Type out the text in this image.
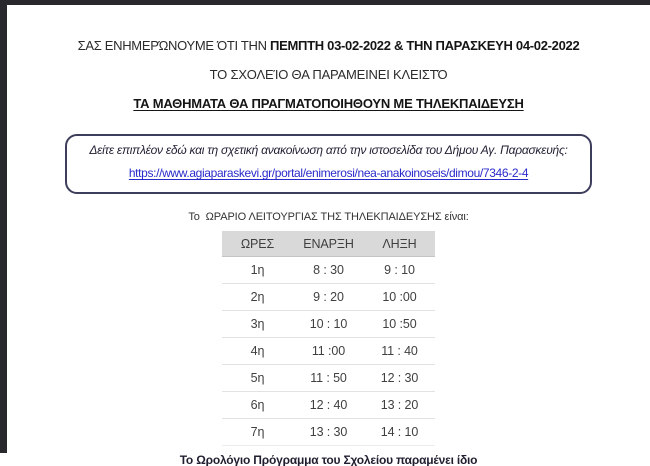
ΣΑΣ ΕΝΗΜΕΡΏΝΟΥΜΕ ΌΤΙ ΤΗΝ ΠΕΜΠΤΗ 03-02-2022 & ΤΗΝ ΠΑΡΑΣΚΕΥΗ 04-02-2022

ΤΟ ΣΧΟΛΕΊΟ ΘΑ ΠΑΡΑΜΕΙΝΕΙ ΚΛΕΙΣΤΌ

ΤΑ ΜΑΘΗΜΑΤΑ ΘΑ ΠΡΑΓΜΑΤΟΠΟΙΗΘΟΥΝ ΜΕ ΤΗΛΕΚΠΑΙΔΕΥΣΗ

Δείτε επιπλέον εδώ και τη σχετική ανακοίνωση από την ιστοσελίδα του Δήμου Αγ. Παρασκευής:

https://www.agiaparaskevi.gr/portal/enimerosi/nea-anakoinoseis/dimou/7346-2-4

Το  ΩΡΑΡΙΟ ΛΕΙΤΟΥΡΓΙΑΣ ΤΗΣ ΤΗΛΕΚΠΑΙΔΕΥΣΗΣ είναι:

ΩΡΕΣ	ΕΝΑΡΞΗ	ΛΗΞΗ
1η	8 : 30	9 : 10
2η	9 : 20	10 :00
3η	10 : 10	10 :50
4η	11 :00	11 : 40
5η	11 : 50	12 : 30
6η	12 : 40	13 : 20
7η	13 : 30	14 : 10

Το Ωρολόγιο Πρόγραμμα του Σχολείου παραμένει ίδιο
